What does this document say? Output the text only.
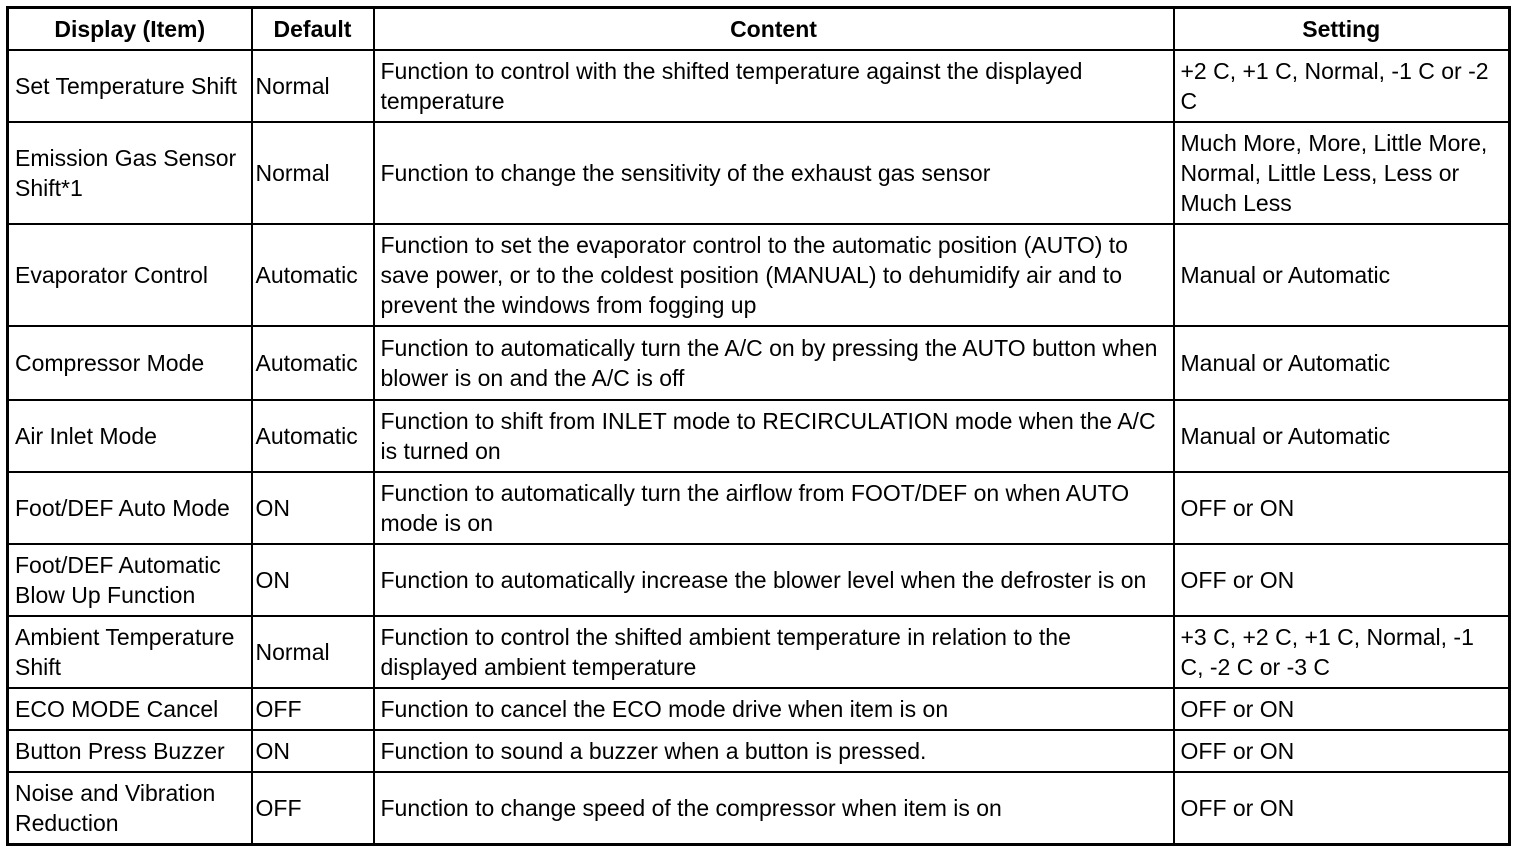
Display (Item)	Default	Content	Setting
Set Temperature Shift	Normal	Function to control with the shifted temperature against the displayed temperature	+2 C, +1 C, Normal, -1 C or -2 C
Emission Gas Sensor Shift*1	Normal	Function to change the sensitivity of the exhaust gas sensor	Much More, More, Little More, Normal, Little Less, Less or Much Less
Evaporator Control	Automatic	Function to set the evaporator control to the automatic position (AUTO) to save power, or to the coldest position (MANUAL) to dehumidify air and to prevent the windows from fogging up	Manual or Automatic
Compressor Mode	Automatic	Function to automatically turn the A/C on by pressing the AUTO button when blower is on and the A/C is off	Manual or Automatic
Air Inlet Mode	Automatic	Function to shift from INLET mode to RECIRCULATION mode when the A/C is turned on	Manual or Automatic
Foot/DEF Auto Mode	ON	Function to automatically turn the airflow from FOOT/DEF on when AUTO mode is on	OFF or ON
Foot/DEF Automatic Blow Up Function	ON	Function to automatically increase the blower level when the defroster is on	OFF or ON
Ambient Temperature Shift	Normal	Function to control the shifted ambient temperature in relation to the displayed ambient temperature	+3 C, +2 C, +1 C, Normal, -1 C, -2 C or -3 C
ECO MODE Cancel	OFF	Function to cancel the ECO mode drive when item is on	OFF or ON
Button Press Buzzer	ON	Function to sound a buzzer when a button is pressed.	OFF or ON
Noise and Vibration Reduction	OFF	Function to change speed of the compressor when item is on	OFF or ON
